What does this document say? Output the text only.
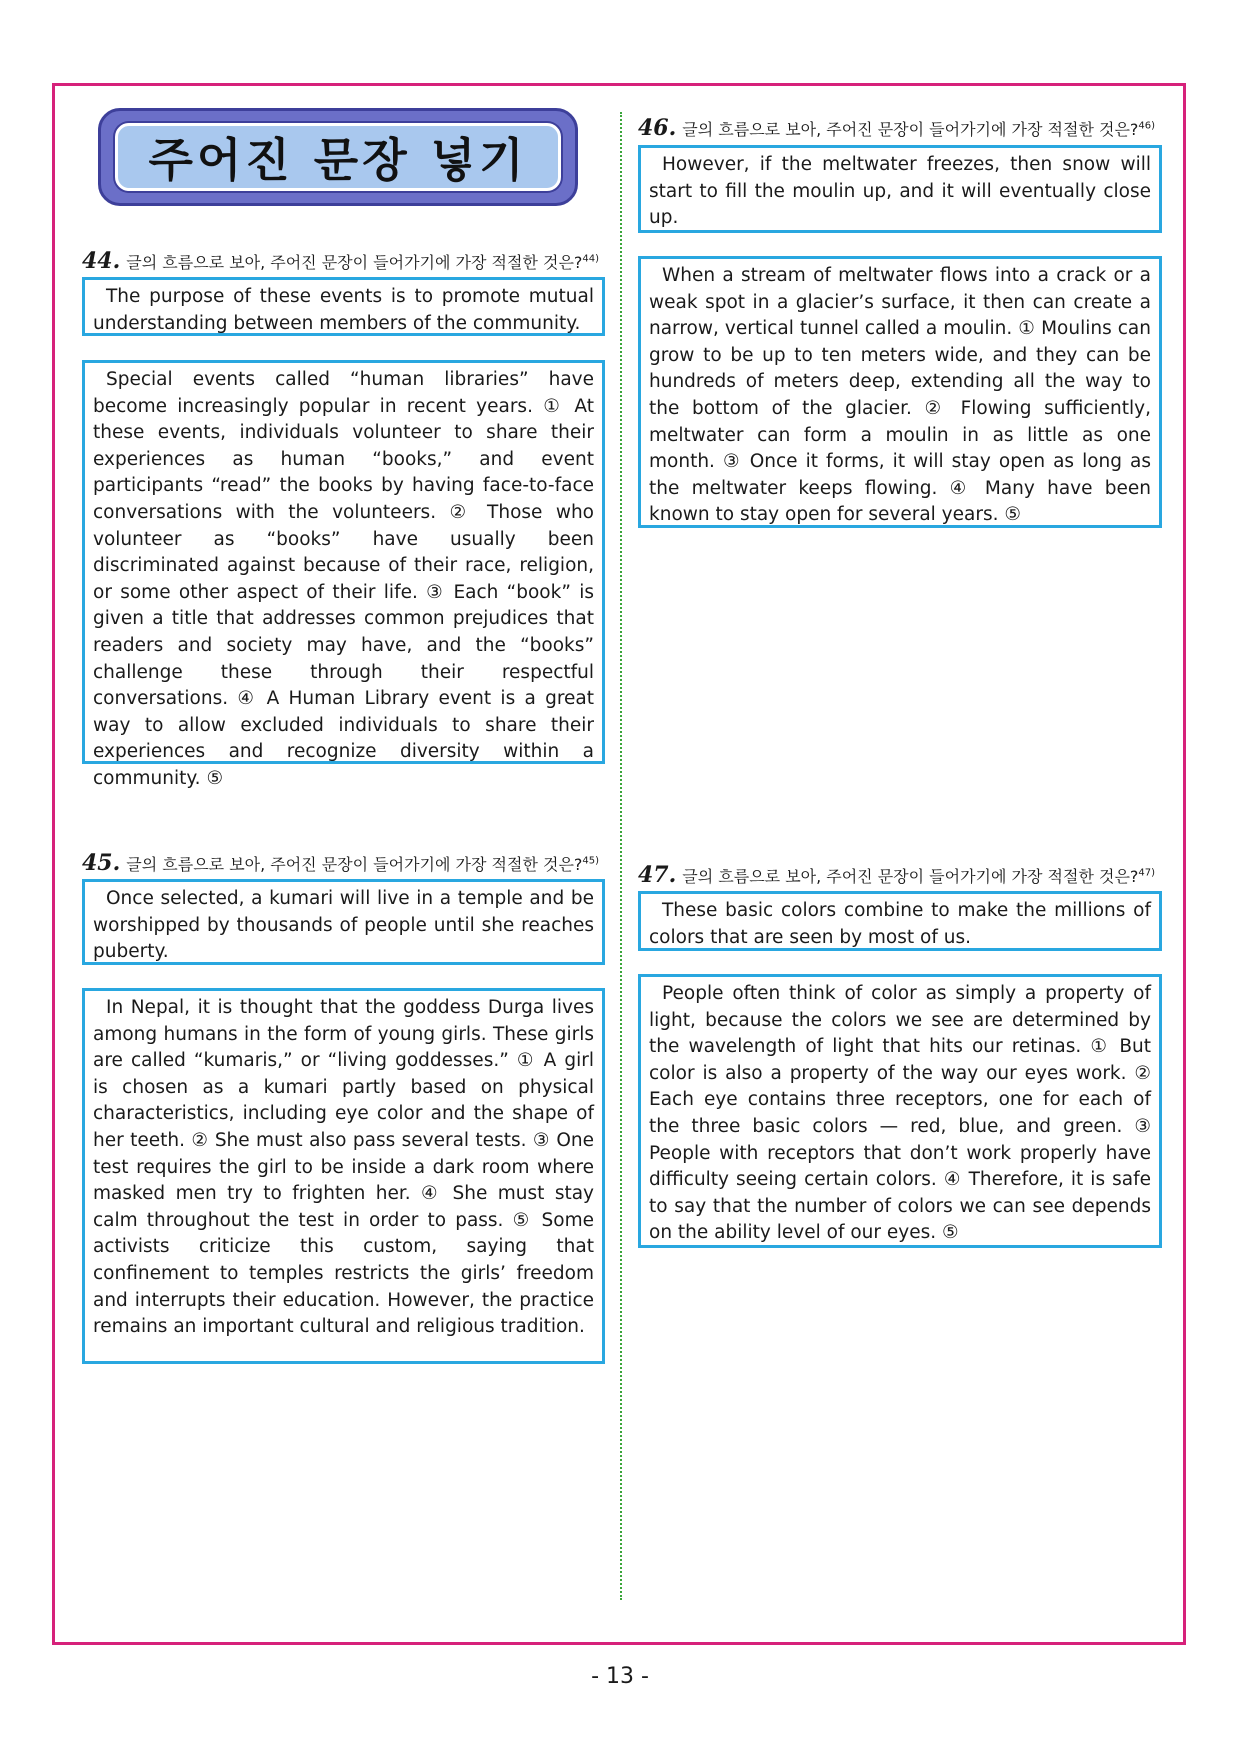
주어진 문장 넣기
44. 글의 흐름으로 보아, 주어진 문장이 들어가기에 가장 적절한 것은?$^{44)}$
The purpose of these events is to promote mutual understanding between members of the community.
Special events called “human libraries” have become increasingly popular in recent years. ① At these events, individuals volunteer to share their experiences as human “books,” and event participants “read” the books by having face-to-face conversations with the volunteers. ② Those who volunteer as “books” have usually been discriminated against because of their race, religion, or some other aspect of their life. ③ Each “book” is given a title that addresses common prejudices that readers and society may have, and the “books” challenge these through their respectful conversations. ④ A Human Library event is a great way to allow excluded individuals to share their experiences and recognize diversity within a community. ⑤
45. 글의 흐름으로 보아, 주어진 문장이 들어가기에 가장 적절한 것은?$^{45)}$
Once selected, a kumari will live in a temple and be worshipped by thousands of people until she reaches puberty.
In Nepal, it is thought that the goddess Durga lives among humans in the form of young girls. These girls are called “kumaris,” or “living goddesses.” ① A girl is chosen as a kumari partly based on physical characteristics, including eye color and the shape of her teeth. ② She must also pass several tests. ③ One test requires the girl to be inside a dark room where masked men try to frighten her. ④ She must stay calm throughout the test in order to pass. ⑤ Some activists criticize this custom, saying that confinement to temples restricts the girls’ freedom and interrupts their education. However, the practice remains an important cultural and religious tradition.
46. 글의 흐름으로 보아, 주어진 문장이 들어가기에 가장 적절한 것은?$^{46)}$
However, if the meltwater freezes, then snow will start to fill the moulin up, and it will eventually close up.
When a stream of meltwater flows into a crack or a weak spot in a glacier’s surface, it then can create a narrow, vertical tunnel called a moulin. ① Moulins can grow to be up to ten meters wide, and they can be hundreds of meters deep, extending all the way to the bottom of the glacier. ② Flowing sufficiently, meltwater can form a moulin in as little as one month. ③ Once it forms, it will stay open as long as the meltwater keeps flowing. ④ Many have been known to stay open for several years. ⑤
47. 글의 흐름으로 보아, 주어진 문장이 들어가기에 가장 적절한 것은?$^{47)}$
These basic colors combine to make the millions of colors that are seen by most of us.
People often think of color as simply a property of light, because the colors we see are determined by the wavelength of light that hits our retinas. ① But color is also a property of the way our eyes work. ② Each eye contains three receptors, one for each of the three basic colors — red, blue, and green. ③ People with receptors that don’t work properly have difficulty seeing certain colors. ④ Therefore, it is safe to say that the number of colors we can see depends on the ability level of our eyes. ⑤
- 13 -
